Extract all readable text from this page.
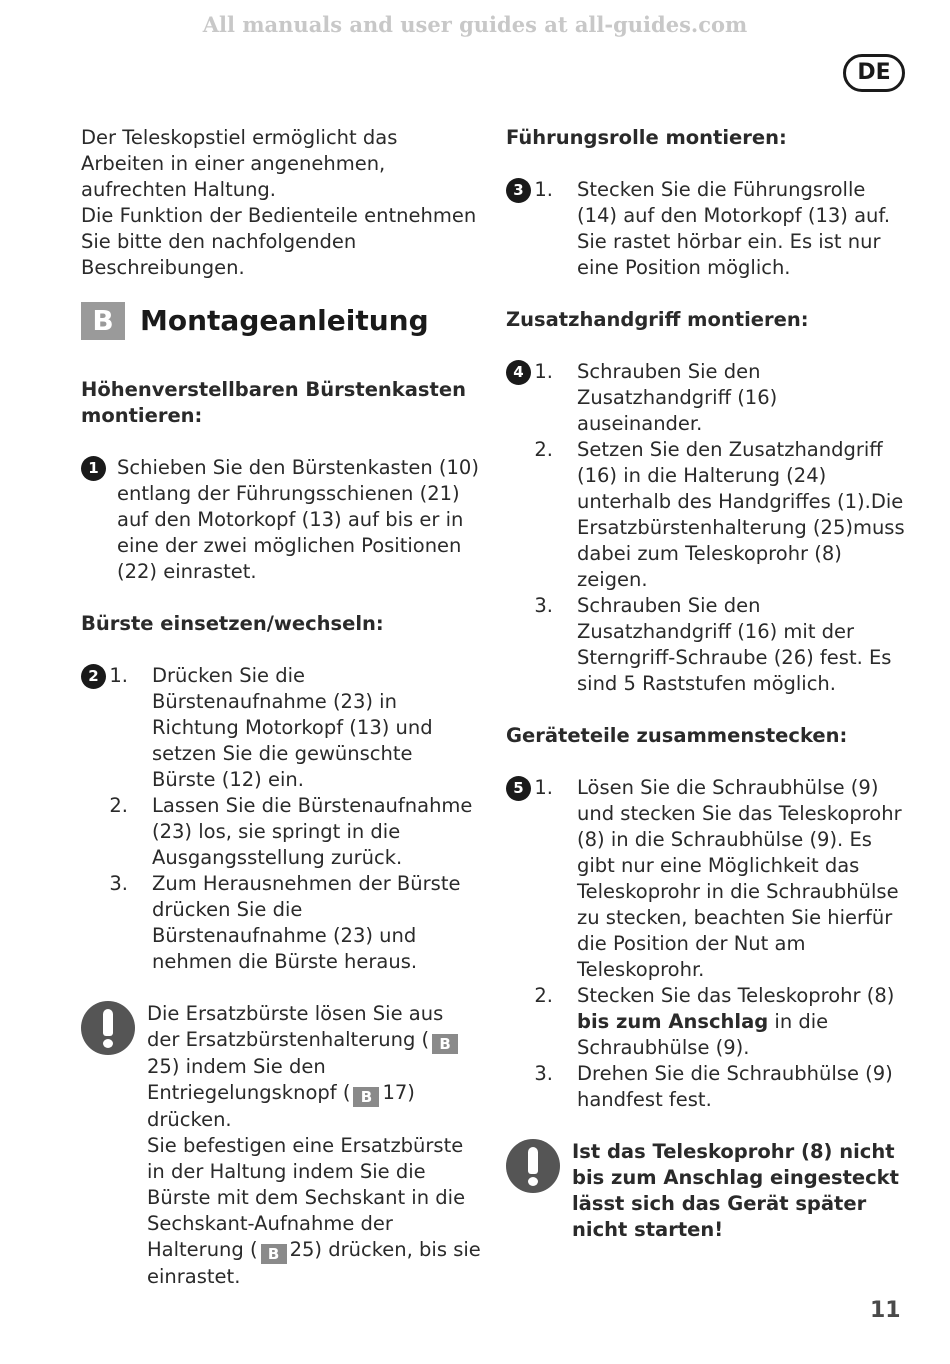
All manuals and user guides at all-guides.com
DE

Der Teleskopstiel ermöglicht das Arbeiten in einer angenehmen, aufrechten Haltung.

Die Funktion der Bedienteile entnehmen Sie bitte den nachfolgenden Beschreibungen.

B Montageanleitung

Höhenverstellbaren Bürstenkasten montieren:

1 Schieben Sie den Bürstenkasten (10) entlang der Führungsschienen (21) auf den Motorkopf (13) auf bis er in eine der zwei möglichen Positionen (22) einrastet.

Bürste einsetzen/wechseln:

2 1. Drücken Sie die Bürstenaufnahme (23) in Richtung Motorkopf (13) und setzen Sie die gewünschte Bürste (12) ein.
2. Lassen Sie die Bürstenaufnahme (23) los, sie springt in die Ausgangsstellung zurück.
3. Zum Herausnehmen der Bürste drücken Sie die Bürstenaufnahme (23) und nehmen die Bürste heraus.

Die Ersatzbürste lösen Sie aus der Ersatzbürstenhalterung ( B25) indem Sie den Entriegelungsknopf ( B 17) drücken.
Sie befestigen eine Ersatzbürste in der Haltung indem Sie die Bürste mit dem Sechskant in die Sechskant-Aufnahme der Halterung ( B 25) drücken, bis sie einrastet.

Führungsrolle montieren:

3 1. Stecken Sie die Führungsrolle (14) auf den Motorkopf (13) auf. Sie rastet hörbar ein. Es ist nur eine Position möglich.

Zusatzhandgriff montieren:

4 1. Schrauben Sie den Zusatzhandgriff (16) auseinander.
2. Setzen Sie den Zusatzhandgriff (16) in die Halterung (24) unterhalb des Handgriffes (1).Die Ersatzbürstenhalterung (25)muss dabei zum Teleskoprohr (8) zeigen.
3. Schrauben Sie den Zusatzhandgriff (16) mit der Sterngriff-Schraube (26) fest. Es sind 5 Raststufen möglich.

Geräteteile zusammenstecken:

5 1. Lösen Sie die Schraubhülse (9) und stecken Sie das Teleskoprohr (8) in die Schraubhülse (9). Es gibt nur eine Möglichkeit das Teleskoprohr in die Schraubhülse zu stecken, beachten Sie hierfür die Position der Nut am Teleskoprohr.
2. Stecken Sie das Teleskoprohr (8) bis zum Anschlag in die Schraubhülse (9).
3. Drehen Sie die Schraubhülse (9) handfest fest.

Ist das Teleskoprohr (8) nicht bis zum Anschlag eingesteckt lässt sich das Gerät später nicht starten!

11
